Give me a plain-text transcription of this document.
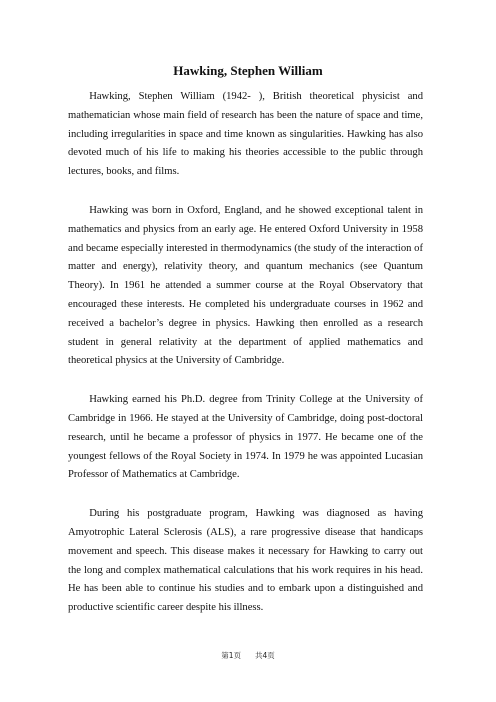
Hawking, Stephen William

Hawking, Stephen William (1942- ), British theoretical physicist and mathematician whose main field of research has been the nature of space and time, including irregularities in space and time known as singularities. Hawking has also devoted much of his life to making his theories accessible to the public through lectures, books, and films.

Hawking was born in Oxford, England, and he showed exceptional talent in mathematics and physics from an early age. He entered Oxford University in 1958 and became especially interested in thermodynamics (the study of the interaction of matter and energy), relativity theory, and quantum mechanics (see Quantum Theory). In 1961 he attended a summer course at the Royal Observatory that encouraged these interests. He completed his undergraduate courses in 1962 and received a bachelor’s degree in physics. Hawking then enrolled as a research student in general relativity at the department of applied mathematics and theoretical physics at the University of Cambridge.

Hawking earned his Ph.D. degree from Trinity College at the University of Cambridge in 1966. He stayed at the University of Cambridge, doing post-doctoral research, until he became a professor of physics in 1977. He became one of the youngest fellows of the Royal Society in 1974. In 1979 he was appointed Lucasian Professor of Mathematics at Cambridge.

During his postgraduate program, Hawking was diagnosed as having Amyotrophic Lateral Sclerosis (ALS), a rare progressive disease that handicaps movement and speech. This disease makes it necessary for Hawking to carry out the long and complex mathematical calculations that his work requires in his head. He has been able to continue his studies and to embark upon a distinguished and productive scientific career despite his illness.

第1页 共4页
